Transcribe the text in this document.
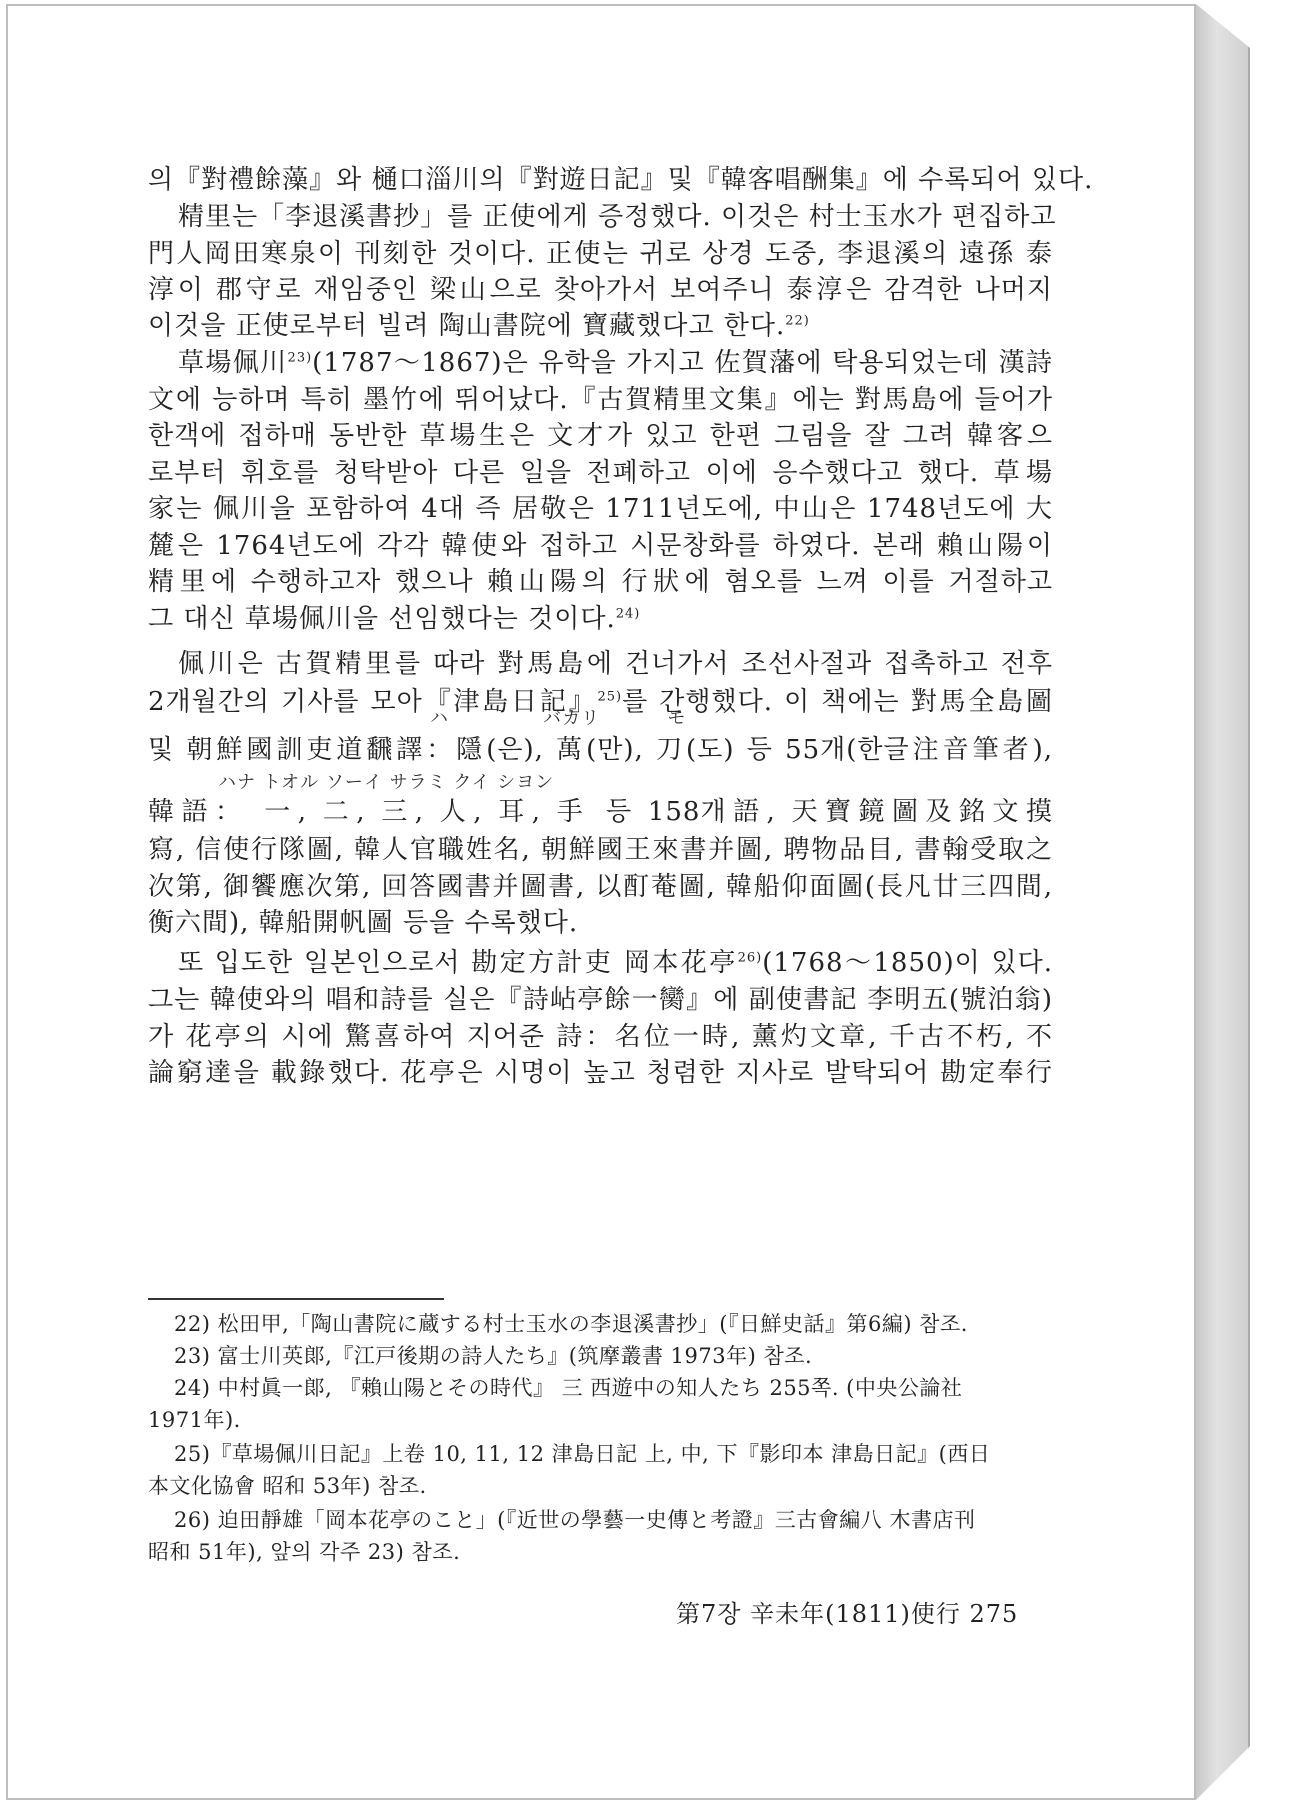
의『對禮餘藻』와 樋口淄川의『對遊日記』및『韓客唱酬集』에 수록되어 있다.
精里는「李退溪書抄」를 正使에게 증정했다. 이것은 村士玉水가 편집하고
門人岡田寒泉이 刊刻한 것이다. 正使는 귀로 상경 도중, 李退溪의 遠孫 泰
淳이 郡守로 재임중인 梁山으로 찾아가서 보여주니 泰淳은 감격한 나머지
이것을 正使로부터 빌려 陶山書院에 寶藏했다고 한다.$^{22)}$
草場佩川$^{23)}$(1787～1867)은 유학을 가지고 佐賀藩에 탁용되었는데 漢詩
文에 능하며 특히 墨竹에 뛰어났다.『古賀精里文集』에는 對馬島에 들어가
한객에 접하매 동반한 草場生은 文才가 있고 한편 그림을 잘 그려 韓客으
로부터 휘호를 청탁받아 다른 일을 전폐하고 이에 응수했다고 했다. 草場
家는 佩川을 포함하여 4대 즉 居敬은 1711년도에, 中山은 1748년도에 大
麓은 1764년도에 각각 韓使와 접하고 시문창화를 하였다. 본래 賴山陽이
精里에 수행하고자 했으나 賴山陽의 行狀에 혐오를 느껴 이를 거절하고
그 대신 草場佩川을 선임했다는 것이다.$^{24)}$
佩川은 古賀精里를 따라 對馬島에 건너가서 조선사절과 접촉하고 전후
2개월간의 기사를 모아『津島日記』$^{25)}$를 간행했다. 이 책에는 對馬全島圖
ハ              バカリ          モ
및 朝鮮國訓吏道飜譯：隱(은), 萬(만), 刀(도) 등 55개(한글注音筆者),
ハナ トオル ソーイ サラミ クイ シヨン
韓語： 一, 二, 三, 人, 耳, 手 등 158개語, 天寶鏡圖及銘文摸
寫, 信使行隊圖, 韓人官職姓名, 朝鮮國王來書并圖, 聘物品目, 書翰受取之
次第, 御饗應次第, 回答國書并圖書, 以酊菴圖, 韓船仰面圖(長凡廿三四間,
衡六間), 韓船開帆圖 등을 수록했다.
또 입도한 일본인으로서 勘定方計吏 岡本花亭$^{26)}$(1768～1850)이 있다.
그는 韓使와의 唱和詩를 실은『詩岾亭餘一臠』에 副使書記 李明五(號泊翁)
가 花亭의 시에 驚喜하여 지어준 詩：名位一時, 薰灼文章, 千古不朽, 不
論窮達을 載錄했다. 花亭은 시명이 높고 청렴한 지사로 발탁되어 勘定奉行
22) 松田甲,「陶山書院に蔵する村士玉水の李退溪書抄」(『日鮮史話』第6編) 참조.
23) 富士川英郞,『江戸後期の詩人たち』(筑摩叢書 1973年) 참조.
24) 中村眞一郞, 『賴山陽とその時代』 三 西遊中の知人たち 255쪽. (中央公論社
1971年).
25)『草場佩川日記』上卷 10, 11, 12 津島日記 上, 中, 下『影印本 津島日記』(西日
本文化協會 昭和 53年) 참조.
26) 迫田靜雄「岡本花亭のこと」(『近世の學藝一史傳と考證』三古會編八 木書店刊
昭和 51年), 앞의 각주 23) 참조.
第7장 辛未年(1811)使行 275
